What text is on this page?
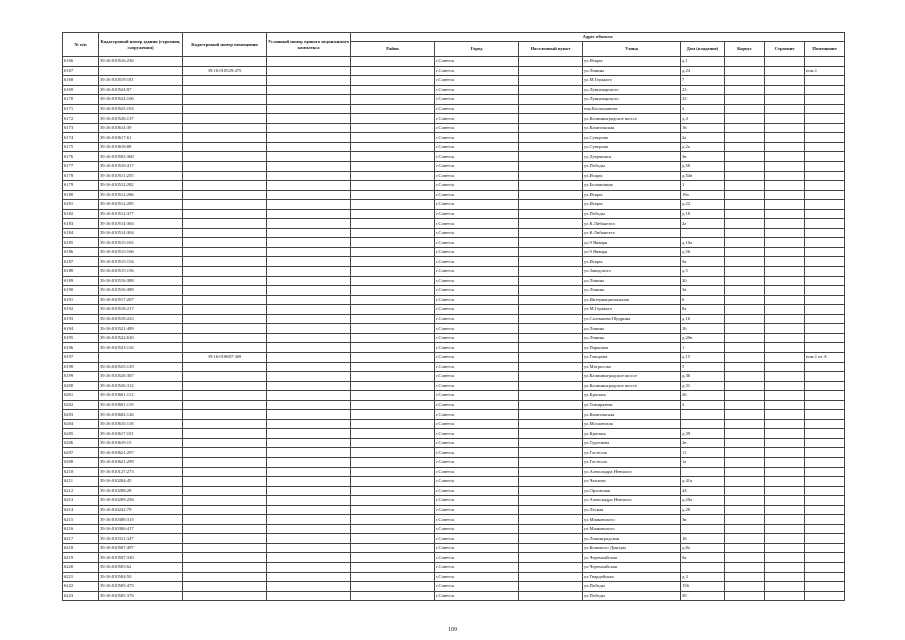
№ п/п	Кадастровый номер здания (строения, сооружения)	Кадастровый номер помещения	Условный номер единого недвижимого комплекса	Адрес объекта							
				Район	Город	Населенный пункт	Улица	Дом (владение)	Корпус	Строение	Помещение
6166	39:16:010516:236				г.Советск		ул.Искры	д.1			
6167		39:16:010529:475			г.Советск		ул.Ленина	д.24			пом.1
6168	39:16:010519:181				г.Советск		ул.М.Горького	7			
6169	39:16:010524:97				г.Советск		ул.Лунначарского	23			
6170	39:16:010524:106				г.Советск		ул.Лунначарского	23			
6171	39:16:010525:103				г.Советск		пер.Космонавтов	3			
6172	39:16:010526:137				г.Советск		ул.Калининградское шоссе	д.4			
6173	39:16:010614:39				г.Советск		ул.Капитанская	16			
6174	39:16:010617:61				г.Советск		ул.Суворова	2а			
6175	39:16:010618:88				г.Советск		ул.Суворова	д.2а			
6176	39:16:010503:360				г.Советск		ул.Дзержинск	3в			
6177	39:16:010510:417				г.Советск		ул.Победы	д.58			
6178	39:16:010511:255				г.Советск		ул.Искры	д.54в			
6179	39:16:010512:282				г.Советск		ул.Больничная	1			
6180	39:16:010512:286				г.Советск		ул.Искры	19а			
6181	39:16:010512:285				г.Советск		ул.Искры	д.22			
6182	39:16:010512:377				г.Советск		ул.Победы	д.18			
6183	39:16:010514:304				г.Советск		ул.К.Либкнехта	2а			
6184	39:16:010514:304				г.Советск		ул.К.Либкнехта				
6185	39:16:010515:165				г.Советск		ул.9 Января	д.10а			
6186	39:16:010515:166				г.Советск		ул.9 Января	д.56			
6187	39:16:010515:154				г.Советск		ул.Искры	9а			
6188	39:16:010515:156				г.Советск		ул.Заводского	д.5			
6189	39:16:010516:388				г.Советск		ул.Ленина	30			
6190	39:16:010516:389				г.Советск		ул.Ленина	3а			
6191	39:16:010517:207				г.Советск		ул.Интернациональная	6			
6192	39:16:010518:217				г.Советск		ул.М.Горького	8а			
6193	39:16:010518:223				г.Советск		ул.Салтыкова-Щедрина	д.16			
6194	39:16:010521:489				г.Советск		ул.Ленина	16			
6195	39:16:010522:630				г.Советск		ул.Ленина	д.20в			
6196	39:16:010523:116				г.Советск		ул.Парковая	1			
6197		39:16:010607:369			г.Советск		ул.Говорова	д.15			пом.1 из А
6198	39:16:010525:129				г.Советск		ул.Матросова	5			
6199	39:16:010526:307				г.Советск		ул.Калининградское шоссе	д.36			
6200	39:16:010526:312				г.Советск		ул.Калининградское шоссе	д.31			
6201	39:16:010601:113				г.Советск		ул.Красная	26			
6202	39:16:010601:119				г.Советск		ул.Тимирязева	3			
6203	39:16:010602:126				г.Советск		ул.Капитанская				
6204	39:16:010610:118				г.Советск		ул.Московская				
6205	39:16:010617:101				г.Советск		ул.Красная	д.39			
6206	39:16:010619:15				г.Советск		ул.Тургенева	2в			
6207	39:16:010621:297				г.Советск		ул.Гастелло	11			
6208	39:16:010621:299				г.Советск		ул.Гастелло	1а			
6210	39:16:010127:273				г.Советск		ул.Александра Невского				
6211	39:16:010204:45				г.Советск		ул.Чкалова	д.41а			
6212	39:16:010208:28				г.Советск		ул.Орловская	44			
6213	39:16:010209:256				г.Советск		ул.Александра Невского	д.20а			
6214	39:16:010242:79				г.Советск		ул.Лесная	д.28			
6215	39:16:010308:315				г.Советск		ул.Маяковского	3в			
6216	39:16:010306:417				г.Советск		ул.Маяковского				
6217	39:16:010311:347				г.Советск		ул.Ленинградская	16			
6218	39:16:010507:497				г.Советск		ул.Кошевого Дмитры	д.8а			
6219	39:16:010507:330				г.Советск		ул.Черемхайская	9а			
6220	39:16:010503:62				г.Советск		ул.Черемхайская				
6221	39:16:010504:50				г.Советск		ул.Гвардейская	д.3			
6222	39:16:010505:475				г.Советск		ул.Победы	156			
6223	39:16:010505:376				г.Советск		ул.Победы	30			
109
